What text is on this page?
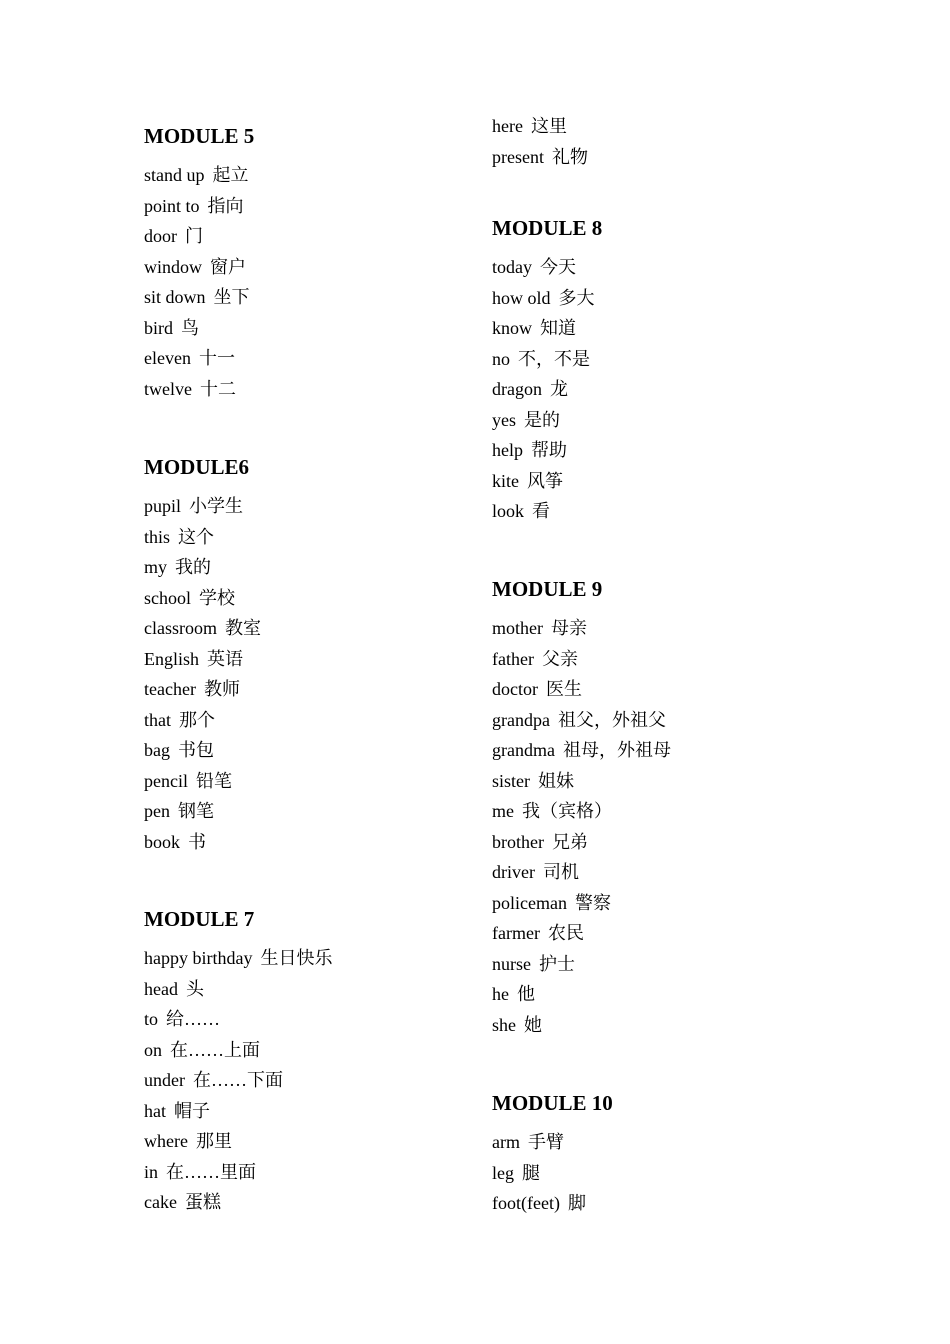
MODULE 5
stand up 起立
point to 指向
door 门
window 窗户
sit down 坐下
bird 鸟
eleven 十一
twelve 十二
MODULE6
pupil 小学生
this 这个
my 我的
school 学校
classroom 教室
English 英语
teacher 教师
that 那个
bag 书包
pencil 铅笔
pen 钢笔
book 书
MODULE 7
happy birthday 生日快乐
head 头
to 给……
on 在……上面
under 在……下面
hat 帽子
where 那里
in 在……里面
cake 蛋糕
here 这里
present 礼物
MODULE 8
today 今天
how old 多大
know 知道
no 不，不是
dragon 龙
yes 是的
help 帮助
kite 风筝
look 看
MODULE 9
mother 母亲
father 父亲
doctor 医生
grandpa 祖父，外祖父
grandma 祖母，外祖母
sister 姐妹
me 我（宾格）
brother 兄弟
driver 司机
policeman 警察
farmer 农民
nurse 护士
he 他
she 她
MODULE 10
arm 手臂
leg 腿
foot(feet) 脚
